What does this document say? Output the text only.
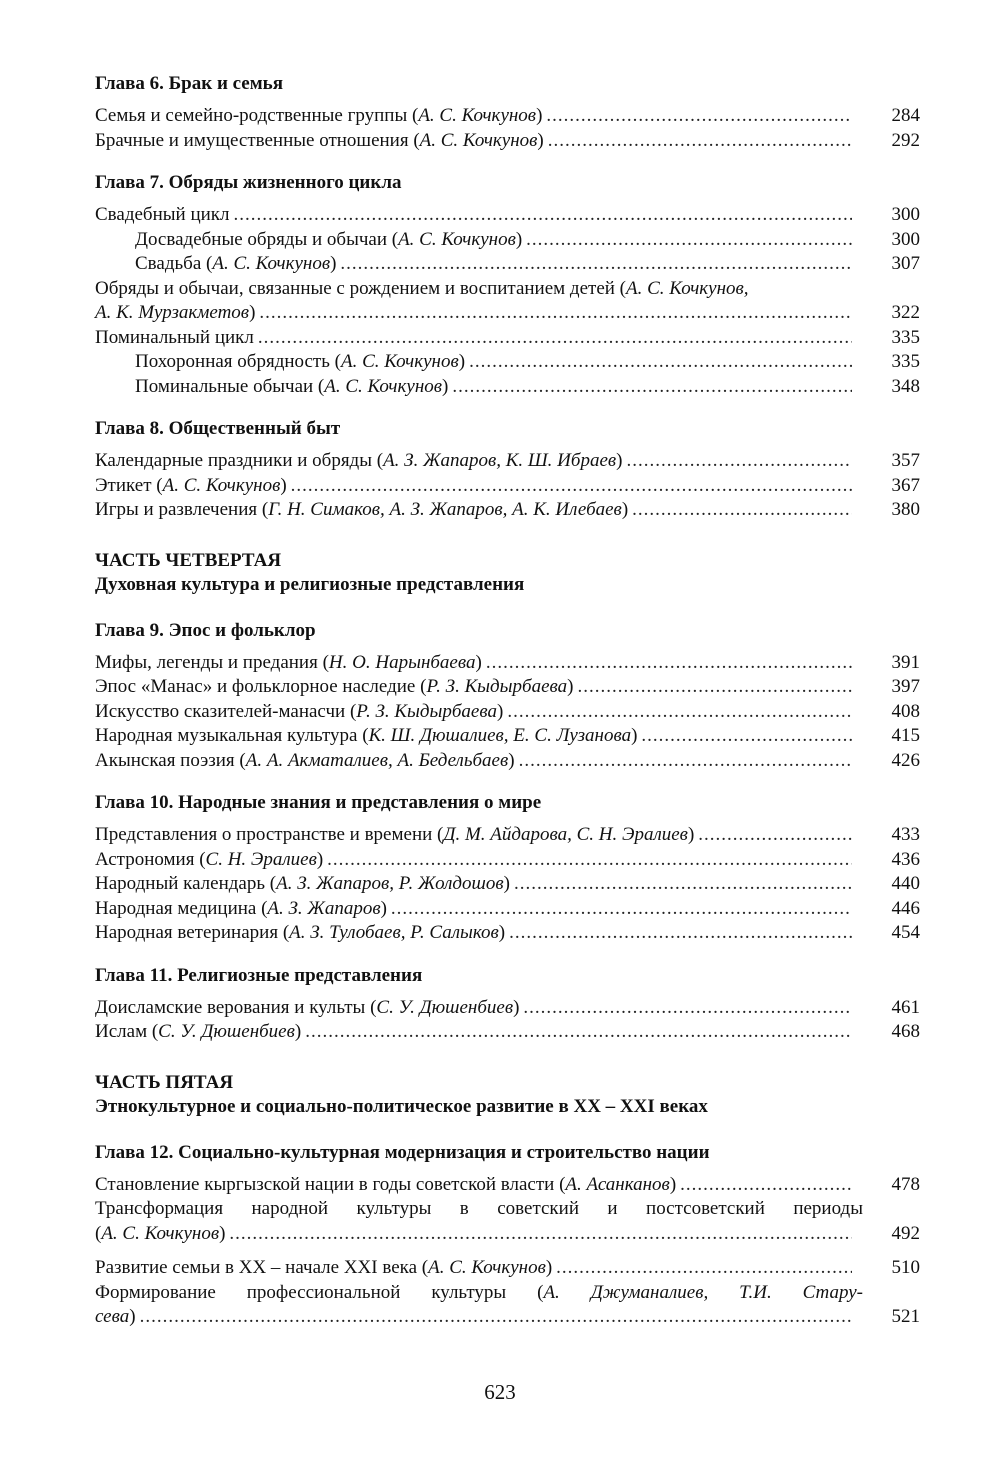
Глава 6. Брак и семья
Семья и семейно-родственные группы (А. С. Кочкунов) .....	284
Брачные и имущественные отношения (А. С. Кочкунов) .....	292
Глава 7. Обряды жизненного цикла
Свадебный цикл .....	300
Досвадебные обряды и обычаи (А. С. Кочкунов) .....	300
Свадьба (А. С. Кочкунов) .....	307
Обряды и обычаи, связанные с рождением и воспитанием детей (А. С. Кочкунов,
А. К. Мурзакметов) .....	322
Поминальный цикл .....	335
Похоронная обрядность (А. С. Кочкунов) .....	335
Поминальные обычаи (А. С. Кочкунов) .....	348
Глава 8. Общественный быт
Календарные праздники и обряды (А. З. Жапаров, К. Ш. Ибраев) .....	357
Этикет (А. С. Кочкунов) .....	367
Игры и развлечения (Г. Н. Симаков, А. З. Жапаров, А. К. Илебаев) .....	380
ЧАСТЬ ЧЕТВЕРТАЯ
Духовная культура и религиозные представления
Глава 9. Эпос и фольклор
Мифы, легенды и предания (Н. О. Нарынбаева) .....	391
Эпос «Манас» и фольклорное наследие (Р. З. Кыдырбаева) .....	397
Искусство сказителей-манасчи (Р. З. Кыдырбаева) .....	408
Народная музыкальная культура (К. Ш. Дюшалиев, Е. С. Лузанова) .....	415
Акынская поэзия (А. А. Акматалиев, А. Бедельбаев) .....	426
Глава 10. Народные знания и представления о мире
Представления о пространстве и времени (Д. М. Айдарова, С. Н. Эралиев) .....	433
Астрономия (С. Н. Эралиев) .....	436
Народный календарь (А. З. Жапаров, Р. Жолдошов) .....	440
Народная медицина (А. З. Жапаров) .....	446
Народная ветеринария (А. З. Тулобаев, Р. Салыков) .....	454
Глава 11. Религиозные представления
Доисламские верования и культы (С. У. Дюшенбиев) .....	461
Ислам (С. У. Дюшенбиев) .....	468
ЧАСТЬ ПЯТАЯ
Этнокультурное и социально-политическое развитие в XX – XXI веках
Глава 12. Социально-культурная модернизация и строительство нации
Становление кыргызской нации в годы советской власти (А. Асанканов) .....	478
Трансформация народной культуры в советский и постсоветский периоды
(А. С. Кочкунов) .....	492
Развитие семьи в XX – начале XXI века (А. С. Кочкунов) .....	510
Формирование профессиональной культуры (А. Джуманалиев, Т.И. Стару-
сева) .....	521
623
